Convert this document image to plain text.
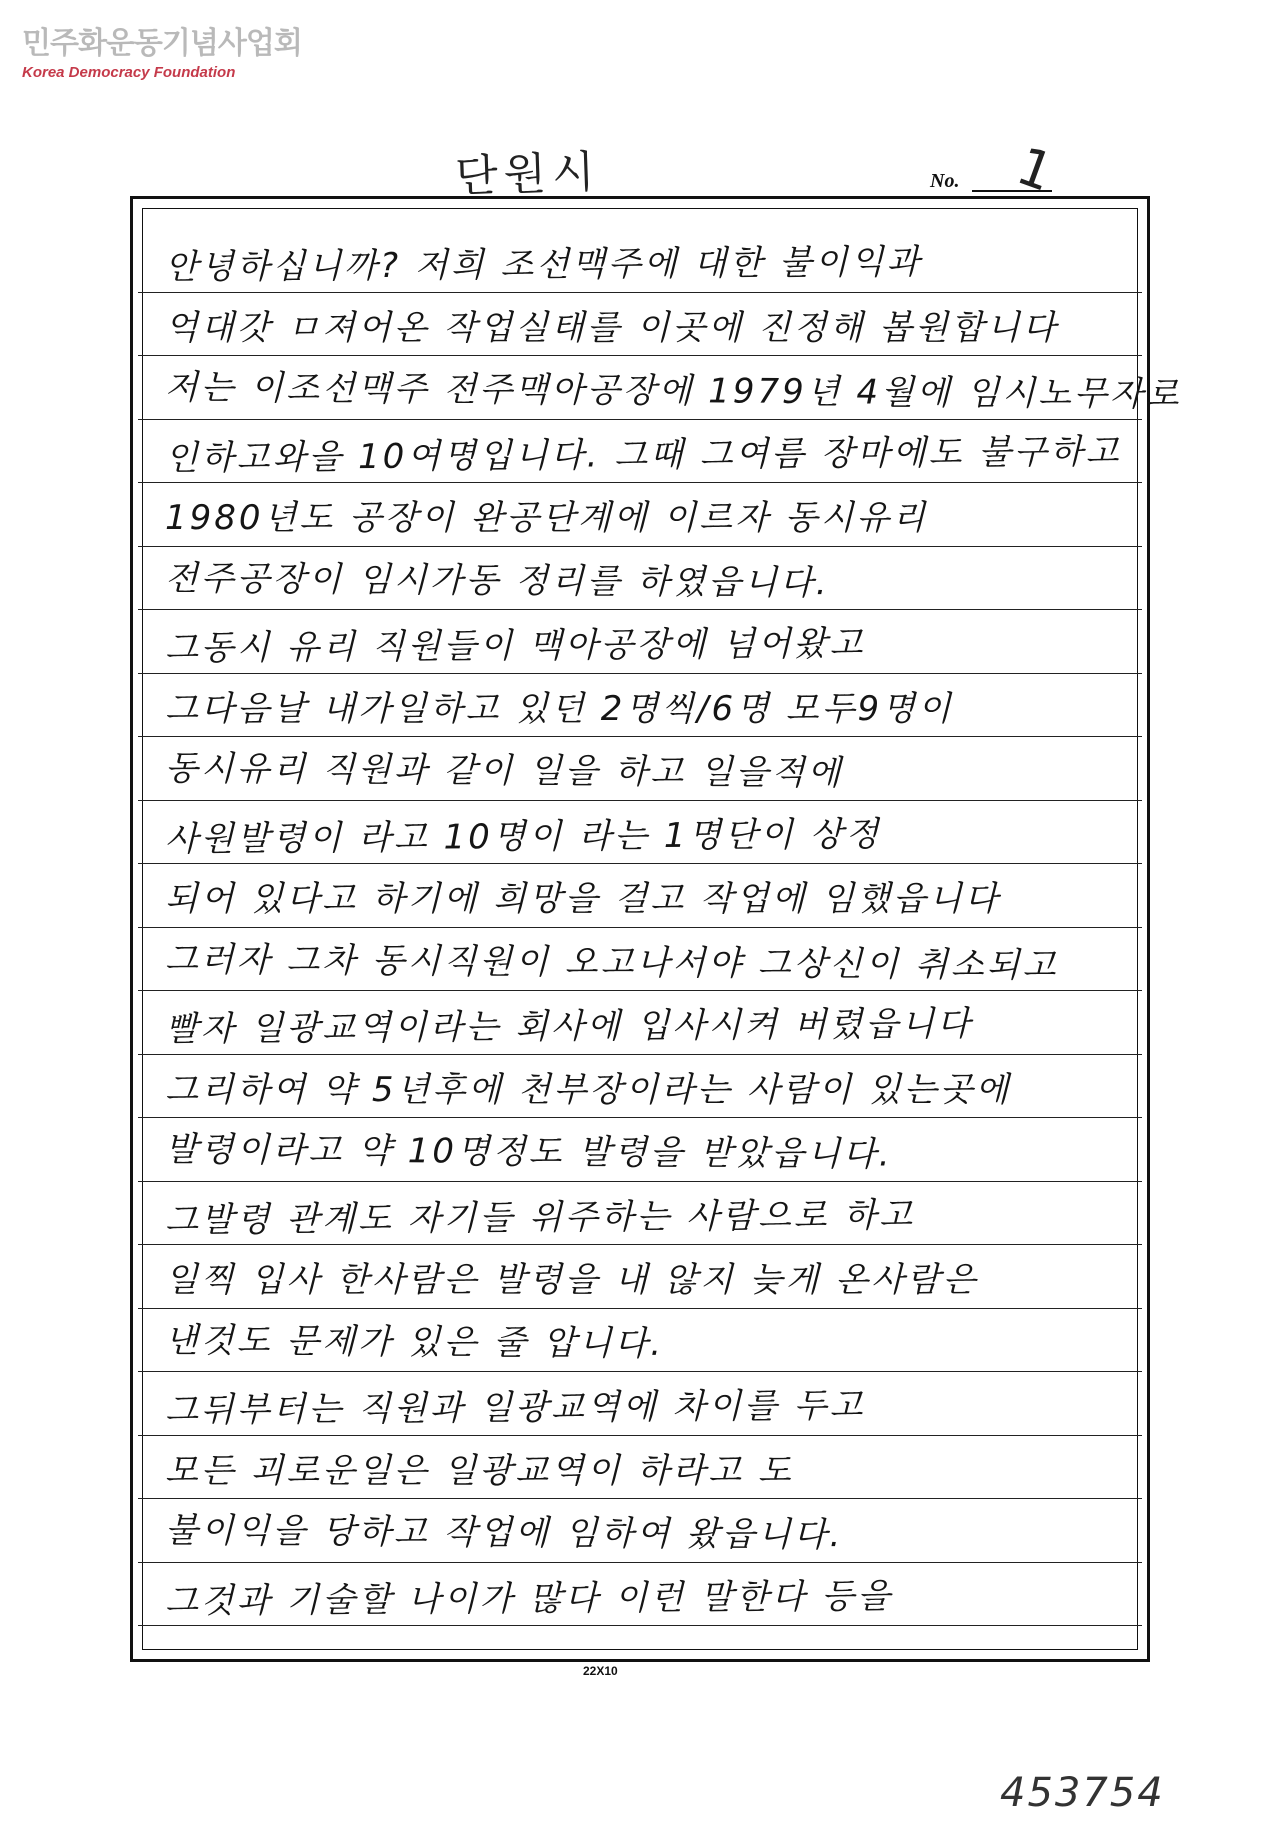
민주화운동기념사업회
Korea Democracy Foundation
단원시	No. 1
안녕하십니까? 저희 조선맥주에 대한 불이익과
억대갓 ㅁ져어온 작업실태를 이곳에 진정해 봅원합니다
저는 이조선맥주 전주맥아공장에 1979년 4월에 임시노무자로
인하고와을 10여명입니다. 그때 그여름 장마에도 불구하고
1980년도 공장이 완공단계에 이르자 동시유리
전주공장이 임시가동 정리를 하였읍니다.
그동시 유리 직원들이 맥아공장에 넘어왔고
그다음날 내가일하고 있던 2명씩/6명 모두9명이
동시유리 직원과 같이 일을 하고 일을적에
사원발령이 라고 10명이 라는 1명단이 상정
되어 있다고 하기에 희망을 걸고 작업에 임했읍니다
그러자 그차 동시직원이 오고나서야 그상신이 취소되고
빨자 일광교역이라는 회사에 입사시켜 버렸읍니다
그리하여 약 5년후에 천부장이라는 사람이 있는곳에
발령이라고 약 10명정도 발령을 받았읍니다.
그발령 관계도 자기들 위주하는 사람으로 하고
일찍 입사 한사람은 발령을 내 않지 늦게 온사람은
낸것도 문제가 있은 줄 압니다.
그뒤부터는 직원과 일광교역에 차이를 두고
모든 괴로운일은 일광교역이 하라고 도
불이익을 당하고 작업에 임하여 왔읍니다.
그것과 기술할 나이가 많다 이런 말한다 등을
22X10
453754
